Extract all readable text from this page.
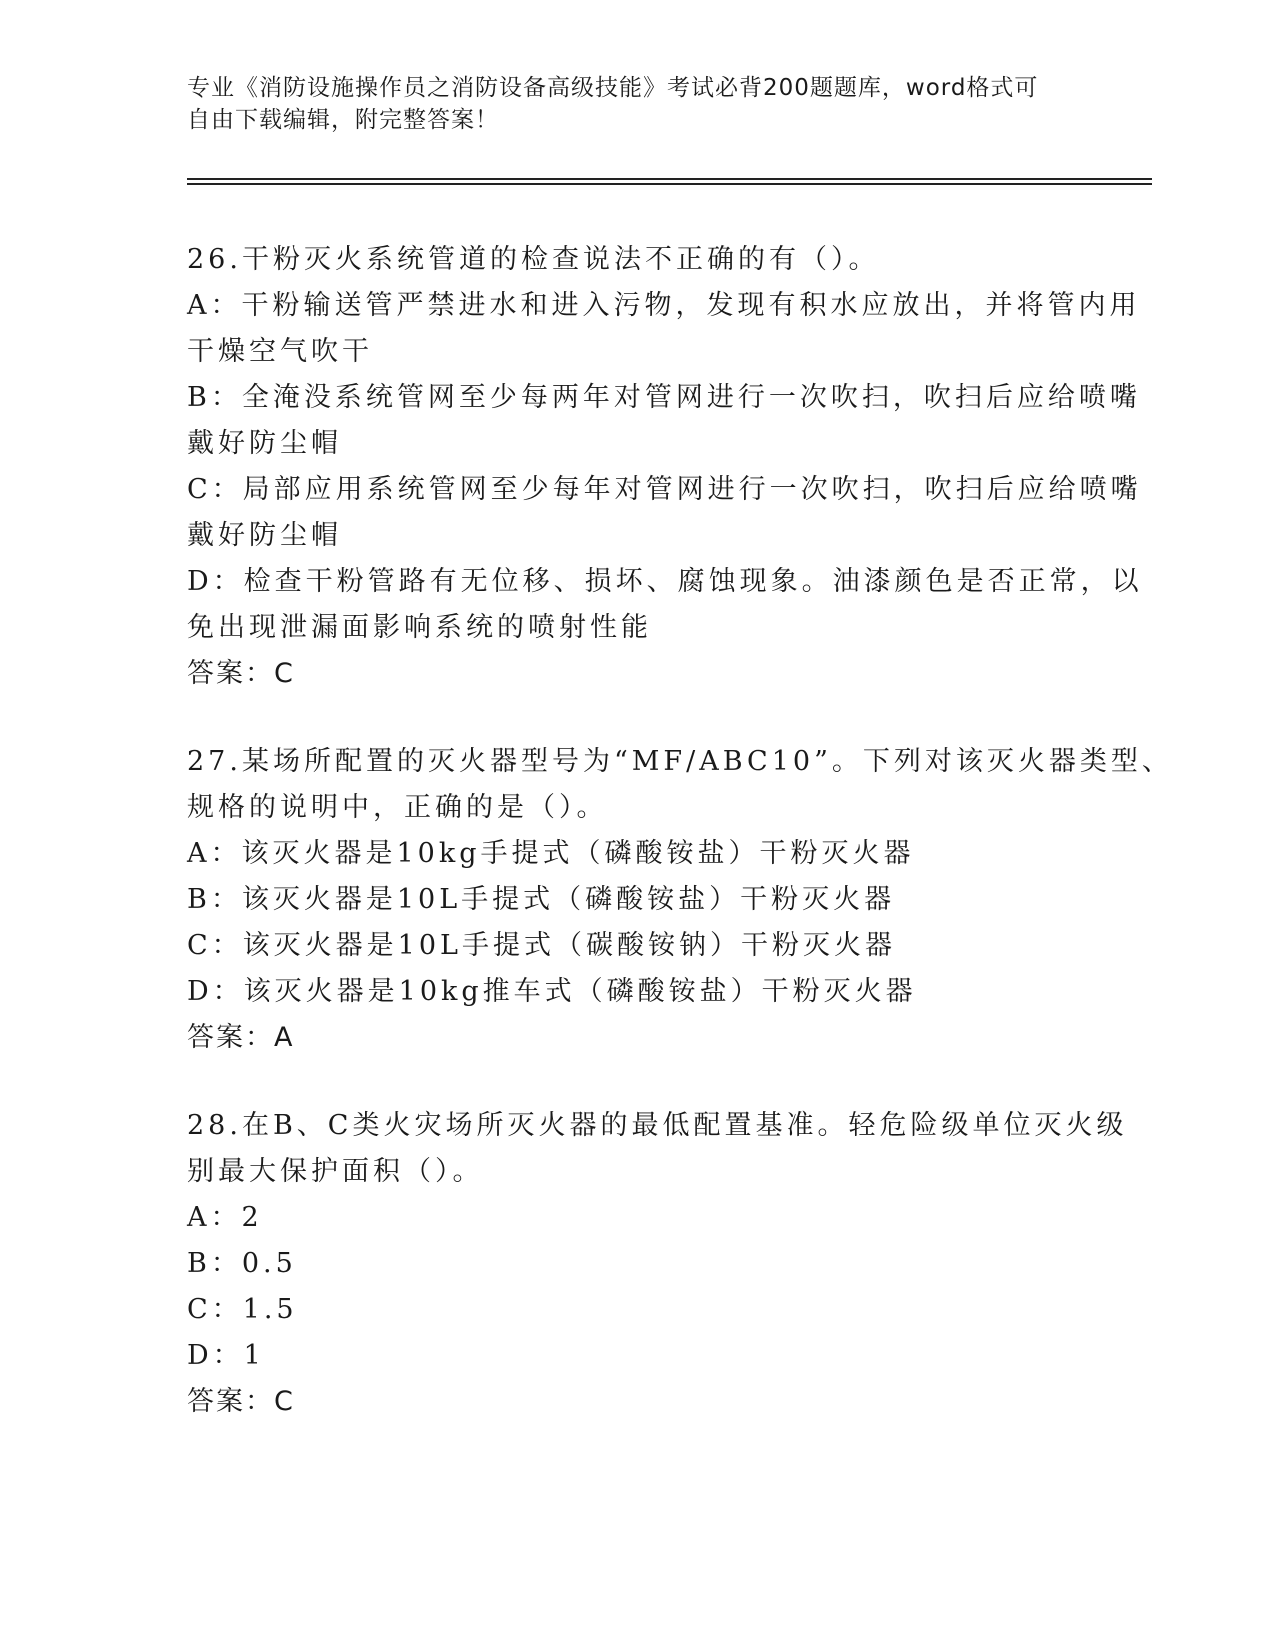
专业《消防设施操作员之消防设备高级技能》考试必背200题题库，word格式可
自由下载编辑，附完整答案！
26.干粉灭火系统管道的检查说法不正确的有（）。
A：干粉输送管严禁进水和进入污物，发现有积水应放出，并将管内用
干燥空气吹干
B：全淹没系统管网至少每两年对管网进行一次吹扫，吹扫后应给喷嘴
戴好防尘帽
C：局部应用系统管网至少每年对管网进行一次吹扫，吹扫后应给喷嘴
戴好防尘帽
D：检查干粉管路有无位移、损坏、腐蚀现象。油漆颜色是否正常，以
免出现泄漏面影响系统的喷射性能
答案：C
27.某场所配置的灭火器型号为“MF/ABC10”。下列对该灭火器类型、
规格的说明中，正确的是（）。
A：该灭火器是10kg手提式（磷酸铵盐）干粉灭火器
B：该灭火器是10L手提式（磷酸铵盐）干粉灭火器
C：该灭火器是10L手提式（碳酸铵钠）干粉灭火器
D：该灭火器是10kg推车式（磷酸铵盐）干粉灭火器
答案：A
28.在B、C类火灾场所灭火器的最低配置基准。轻危险级单位灭火级
别最大保护面积（）。
A：2
B：0.5
C：1.5
D：1
答案：C
